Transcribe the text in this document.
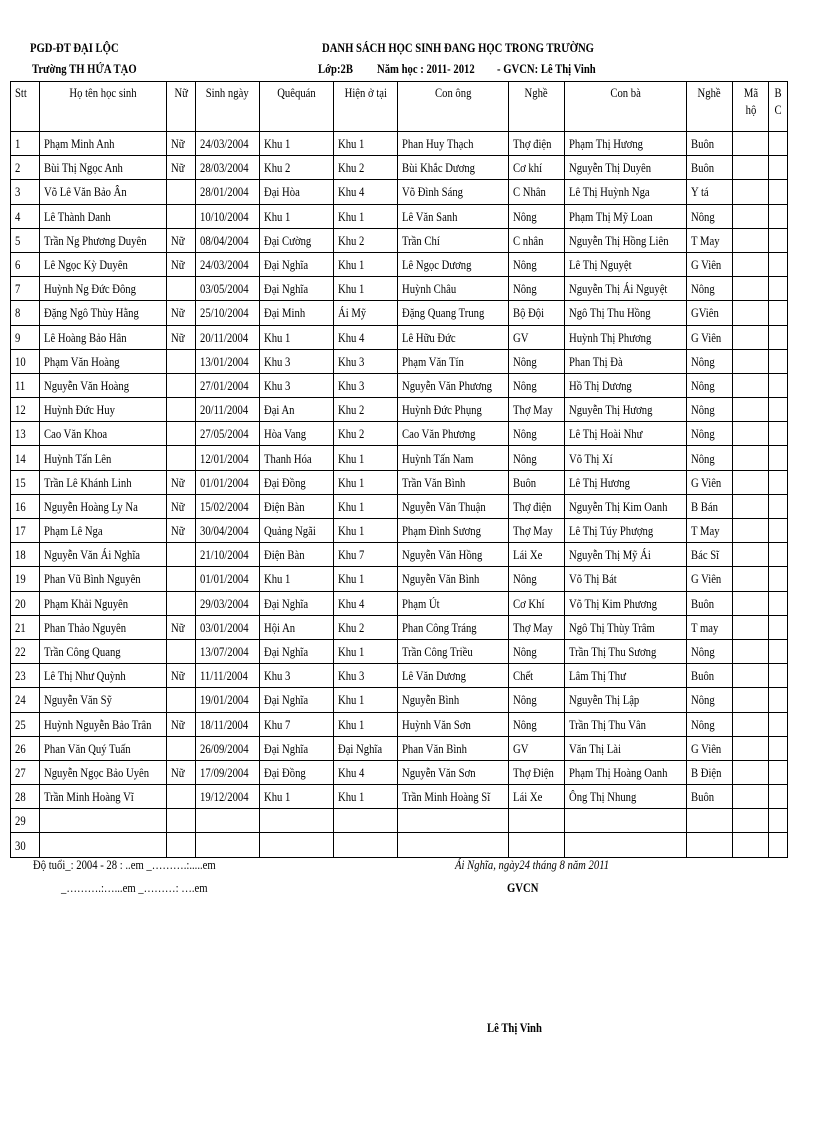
PGD-ĐT ĐẠI LỘC
Trường TH HỨA TẠO
DANH SÁCH HỌC SINH ĐANG HỌC TRONG TRƯỜNG
Lớp:2B Năm học : 2011- 2012 - GVCN: Lê Thị Vinh
Stt	Họ tên học sinh	Nữ	Sinh ngày	Quêquán	Hiện ở tại	Con ông	Nghề	Con bà	Nghề	Mã hộ	B C
1	Phạm Minh Anh	Nữ	24/03/2004	Khu 1	Khu 1	Phan Huy Thạch	Thợ điện	Phạm Thị Hương	Buôn		
2	Bùi Thị Ngọc Anh	Nữ	28/03/2004	Khu 2	Khu 2	Bùi Khắc Dương	Cơ khí	Nguyễn Thị Duyên	Buôn		
3	Võ Lê Văn Bảo Ân		28/01/2004	Đại Hòa	Khu 4	Võ Đình Sáng	C Nhân	Lê Thị Huỳnh Nga	Y tá		
4	Lê Thành Danh		10/10/2004	Khu 1	Khu 1	Lê Văn Sanh	Nông	Phạm Thị Mỹ Loan	Nông		
5	Trần Ng Phương Duyên	Nữ	08/04/2004	Đại Cường	Khu 2	Trần Chí	C nhân	Nguyễn Thị Hồng Liên	T May		
6	Lê Ngọc Kỳ Duyên	Nữ	24/03/2004	Đại Nghĩa	Khu 1	Lê Ngọc Dương	Nông	Lê Thị Nguyệt	G Viên		
7	Huỳnh Ng Đức Đông		03/05/2004	Đại Nghĩa	Khu 1	Huỳnh Châu	Nông	Nguyễn Thị Ái Nguyệt	Nông		
8	Đặng Ngô Thùy Hằng	Nữ	25/10/2004	Đại Minh	Ái Mỹ	Đặng Quang Trung	Bộ Đội	Ngô Thị Thu Hồng	GViên		
9	Lê Hoàng Bảo Hân	Nữ	20/11/2004	Khu 1	Khu 4	Lê Hữu Đức	GV	Huỳnh Thị Phương	G Viên		
10	Phạm Văn Hoàng		13/01/2004	Khu 3	Khu 3	Phạm Văn Tín	Nông	Phan Thị Đà	Nông		
11	Nguyễn Văn Hoàng		27/01/2004	Khu 3	Khu 3	Nguyễn Văn Phương	Nông	Hồ Thị Dương	Nông		
12	Huỳnh Đức Huy		20/11/2004	Đại An	Khu 2	Huỳnh Đức Phụng	Thợ May	Nguyễn Thị Hương	Nông		
13	Cao Văn Khoa		27/05/2004	Hòa Vang	Khu 2	Cao Văn Phương	Nông	Lê Thị Hoài Như	Nông		
14	Huỳnh Tấn Lên		12/01/2004	Thanh Hóa	Khu 1	Huỳnh Tấn Nam	Nông	Võ Thị Xí	Nông		
15	Trần Lê Khánh Linh	Nữ	01/01/2004	Đại Đồng	Khu 1	Trần Văn Bình	Buôn	Lê Thị Hương	G Viên		
16	Nguyễn Hoàng Ly Na	Nữ	15/02/2004	Điện Bàn	Khu 1	Nguyễn Văn Thuận	Thợ điện	Nguyễn Thị Kim Oanh	B Bán		
17	Phạm Lê Nga	Nữ	30/04/2004	Quảng Ngãi	Khu 1	Phạm Đình Sương	Thợ May	Lê Thị Túy Phượng	T May		
18	Nguyễn Văn Ái Nghĩa		21/10/2004	Điện Bàn	Khu 7	Nguyễn Văn Hồng	Lái Xe	Nguyễn Thị Mỹ Ái	Bác Sĩ		
19	Phan Vũ Bình Nguyên		01/01/2004	Khu 1	Khu 1	Nguyễn Văn Bình	Nông	Võ Thị Bát	G Viên		
20	Phạm Khải Nguyên		29/03/2004	Đại Nghĩa	Khu 4	Phạm Út	Cơ Khí	Võ Thị Kim Phương	Buôn		
21	Phan Thảo Nguyên	Nữ	03/01/2004	Hội An	Khu 2	Phan Công Tráng	Thợ May	Ngô Thị Thùy Trâm	T may		
22	Trần Công Quang		13/07/2004	Đại Nghĩa	Khu 1	Trần Công Triều	Nông	Trần Thị Thu Sương	Nông		
23	Lê Thị Như Quỳnh	Nữ	11/11/2004	Khu 3	Khu 3	Lê Văn Dương	Chết	Lâm Thị Thư	Buôn		
24	Nguyễn Văn Sỹ		19/01/2004	Đại Nghĩa	Khu 1	Nguyễn Bình	Nông	Nguyễn Thị Lập	Nông		
25	Huỳnh Nguyễn Bảo Trân	Nữ	18/11/2004	Khu 7	Khu 1	Huỳnh Văn Sơn	Nông	Trần Thị Thu Vân	Nông		
26	Phan Văn Quý Tuấn		26/09/2004	Đại Nghĩa	Đại Nghĩa	Phan Văn Bình	GV	Văn Thị Lài	G Viên		
27	Nguyễn Ngọc Bảo Uyên	Nữ	17/09/2004	Đại Đồng	Khu 4	Nguyễn Văn Sơn	Thợ Điện	Phạm Thị Hoàng Oanh	B Điện		
28	Trần Minh Hoàng Vĩ		19/12/2004	Khu 1	Khu 1	Trần Minh Hoàng Sĩ	Lái Xe	Ông Thị Nhung	Buôn		
29											
30											
Độ tuổi_: 2004 - 28 : ..em _……….:.....em
_……….:…...em _………: ….em
Ái Nghĩa, ngày24 tháng 8 năm 2011
GVCN
Lê Thị Vinh
